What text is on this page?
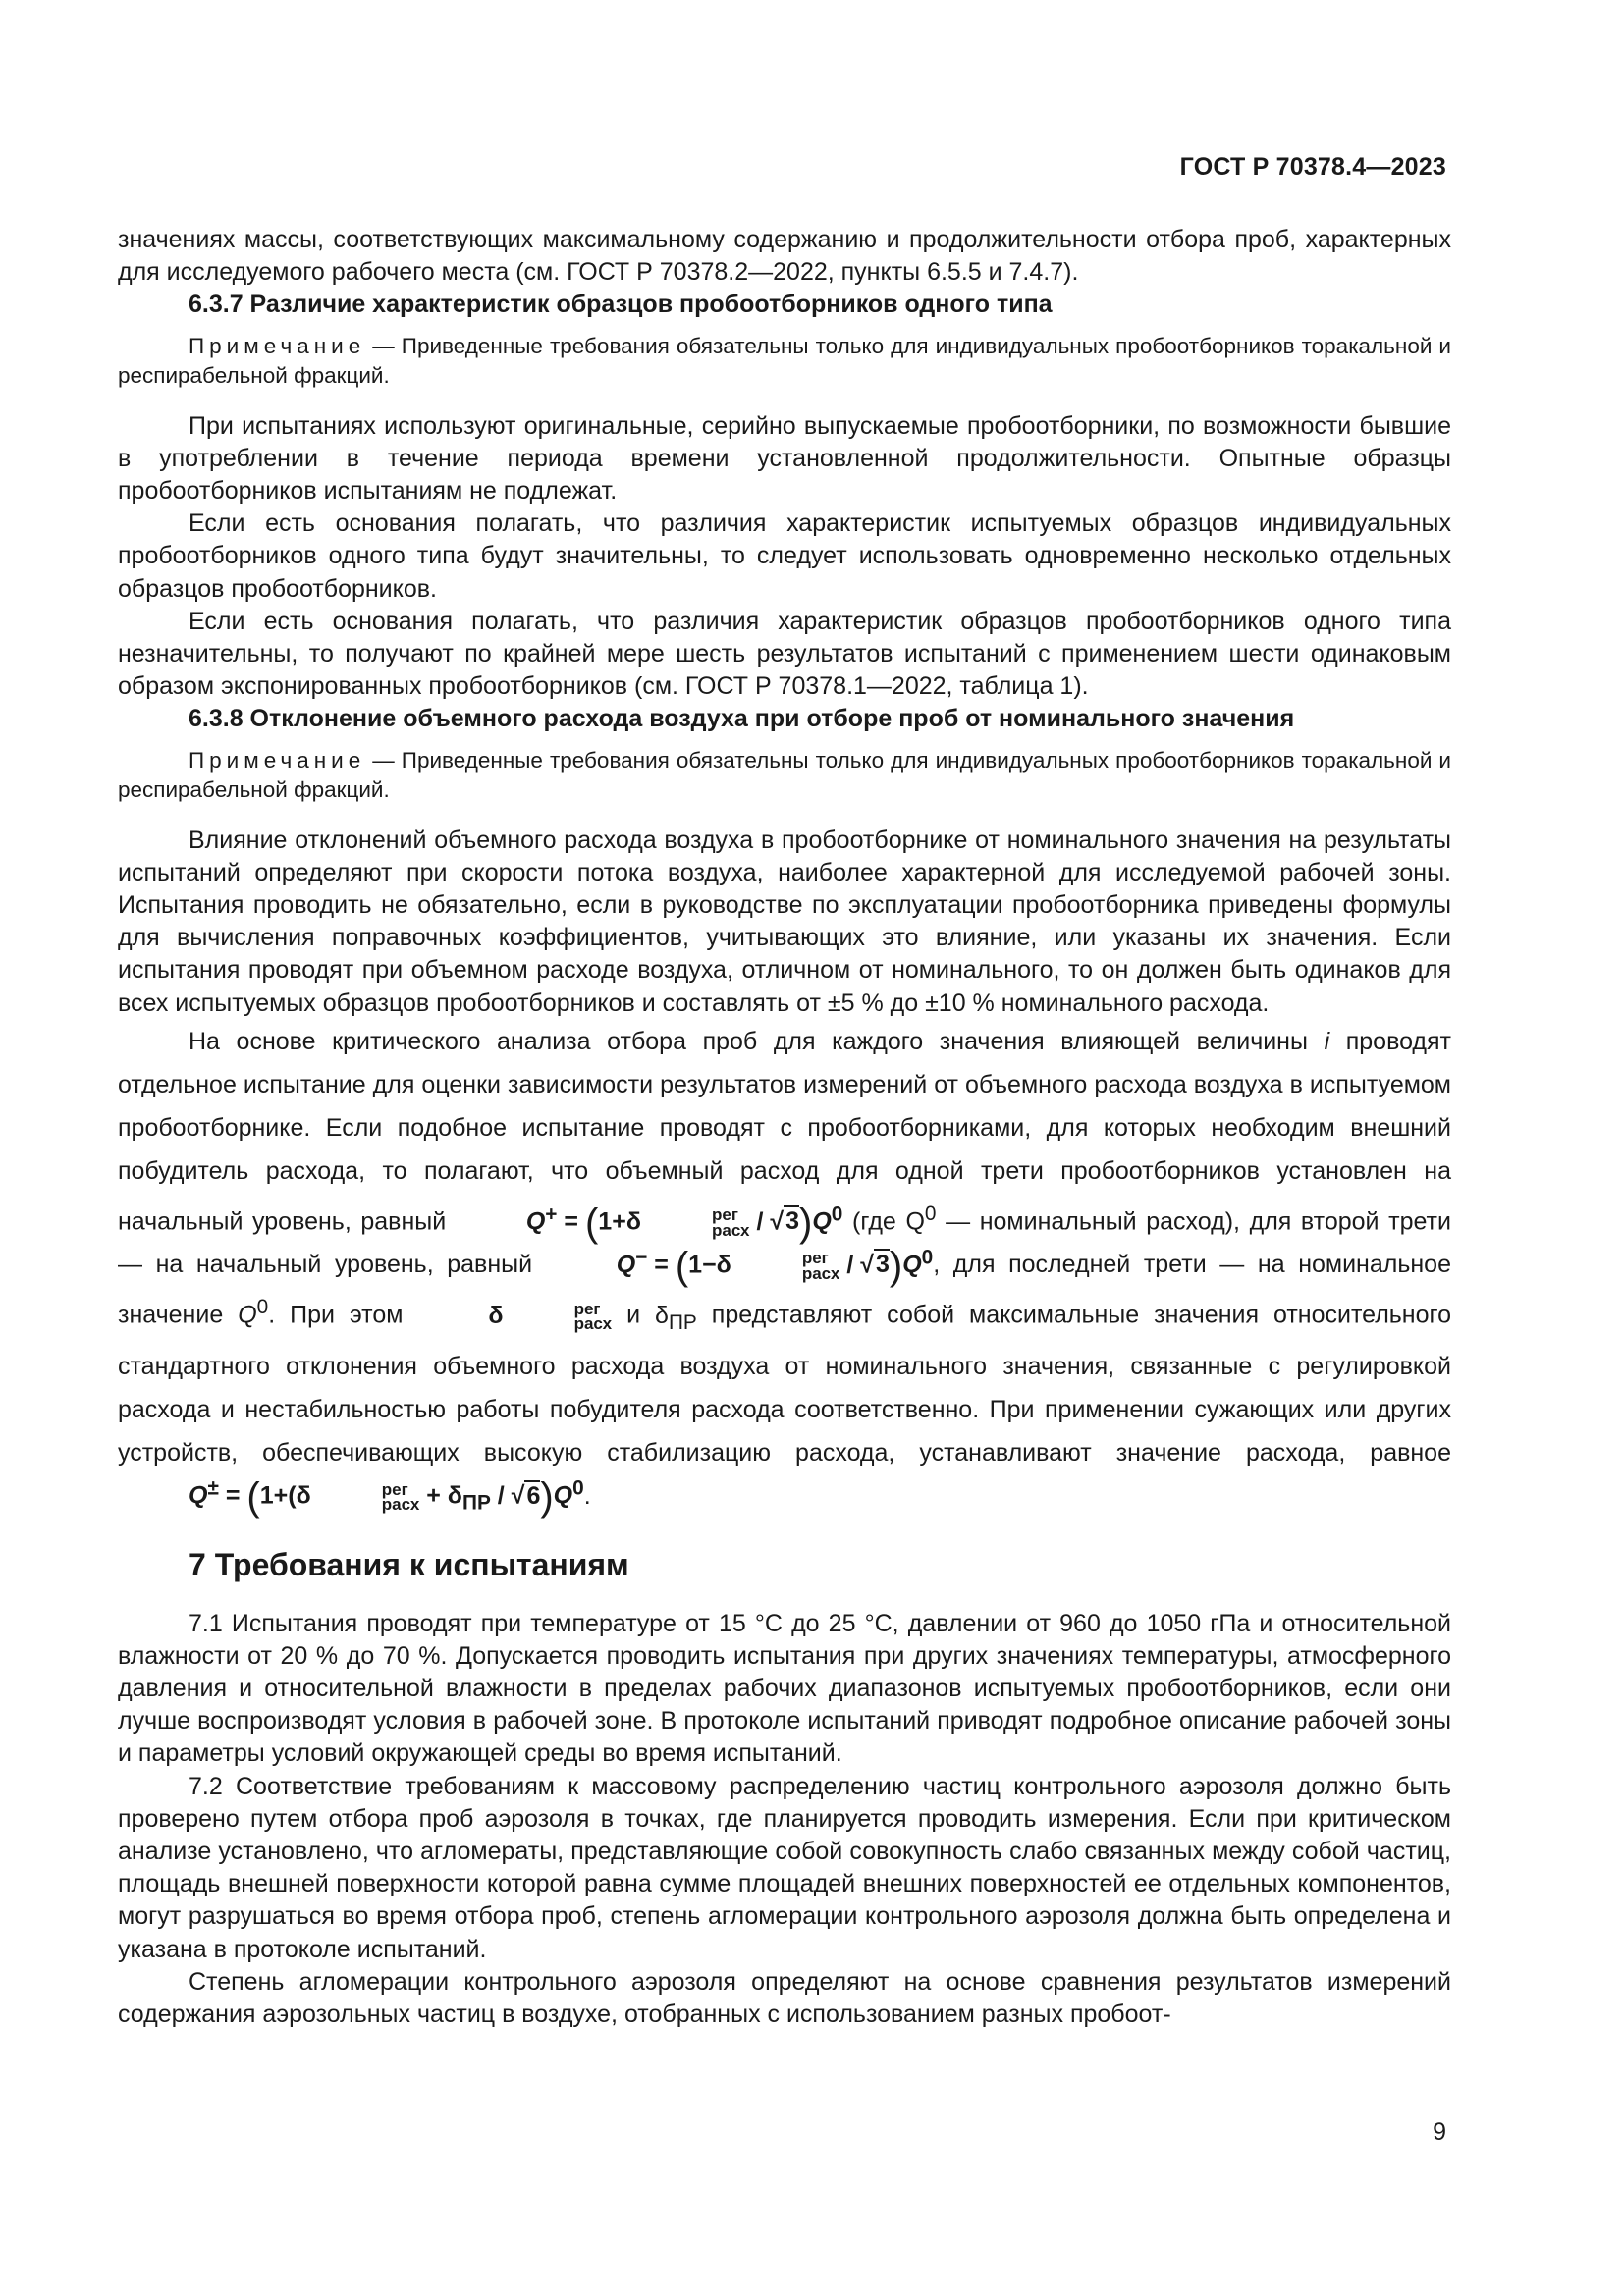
ГОСТ Р 70378.4—2023

значениях массы, соответствующих максимальному содержанию и продолжительности отбора проб, характерных для исследуемого рабочего места (см. ГОСТ Р 70378.2—2022, пункты 6.5.5 и 7.4.7).

6.3.7 Различие характеристик образцов пробоотборников одного типа

Примечание — Приведенные требования обязательны только для индивидуальных пробоотборников торакальной и респирабельной фракций.

При испытаниях используют оригинальные, серийно выпускаемые пробоотборники, по возможности бывшие в употреблении в течение периода времени установленной продолжительности. Опытные образцы пробоотборников испытаниям не подлежат.

Если есть основания полагать, что различия характеристик испытуемых образцов индивидуальных пробоотборников одного типа будут значительны, то следует использовать одновременно несколько отдельных образцов пробоотборников.

Если есть основания полагать, что различия характеристик образцов пробоотборников одного типа незначительны, то получают по крайней мере шесть результатов испытаний с применением шести одинаковым образом экспонированных пробоотборников (см. ГОСТ Р 70378.1—2022, таблица 1).

6.3.8 Отклонение объемного расхода воздуха при отборе проб от номинального значения

Примечание — Приведенные требования обязательны только для индивидуальных пробоотборников торакальной и респирабельной фракций.

Влияние отклонений объемного расхода воздуха в пробоотборнике от номинального значения на результаты испытаний определяют при скорости потока воздуха, наиболее характерной для исследуемой рабочей зоны. Испытания проводить не обязательно, если в руководстве по эксплуатации пробоотборника приведены формулы для вычисления поправочных коэффициентов, учитывающих это влияние, или указаны их значения. Если испытания проводят при объемном расходе воздуха, отличном от номинального, то он должен быть одинаков для всех испытуемых образцов пробоотборников и составлять от ±5 % до ±10 % номинального расхода.

На основе критического анализа отбора проб для каждого значения влияющей величины i проводят отдельное испытание для оценки зависимости результатов измерений от объемного расхода воздуха в испытуемом пробоотборнике. Если подобное испытание проводят с пробоотборниками, для которых необходим внешний побудитель расхода, то полагают, что объемный расход для одной трети пробоотборников установлен на начальный уровень, равный	Q+ = (1+δ	рег
расх / $√3)Q^0$ (где $Q^0$ — номинальный расход), для второй трети — на начальный уровень, равный	Q− = (1−δ	рег
расх / $√3)Q^0$, для последней трети — на номинальное значение $Q^0$. При этом	δ	рег
расх и $\delta_{ПР}$ представляют собой максимальные значения относительного стандартного отклонения объемного расхода воздуха от номинального значения, связанные с регулировкой расхода и нестабильностью работы побудителя расхода соответственно. При применении сужающих или других устройств, обеспечивающих высокую стабилизацию расхода, устанавливают значение расхода, равное Q± = (1+(δ	рег
расх + $\delta_{ПР} / √6)Q^0$.

7 Требования к испытаниям

7.1 Испытания проводят при температуре от 15 °С до 25 °С, давлении от 960 до 1050 гПа и относительной влажности от 20 % до 70 %. Допускается проводить испытания при других значениях температуры, атмосферного давления и относительной влажности в пределах рабочих диапазонов испытуемых пробоотборников, если они лучше воспроизводят условия в рабочей зоне. В протоколе испытаний приводят подробное описание рабочей зоны и параметры условий окружающей среды во время испытаний.

7.2 Соответствие требованиям к массовому распределению частиц контрольного аэрозоля должно быть проверено путем отбора проб аэрозоля в точках, где планируется проводить измерения. Если при критическом анализе установлено, что агломераты, представляющие собой совокупность слабо связанных между собой частиц, площадь внешней поверхности которой равна сумме площадей внешних поверхностей ее отдельных компонентов, могут разрушаться во время отбора проб, степень агломерации контрольного аэрозоля должна быть определена и указана в протоколе испытаний.

Степень агломерации контрольного аэрозоля определяют на основе сравнения результатов измерений содержания аэрозольных частиц в воздухе, отобранных с использованием разных пробоот-

9
